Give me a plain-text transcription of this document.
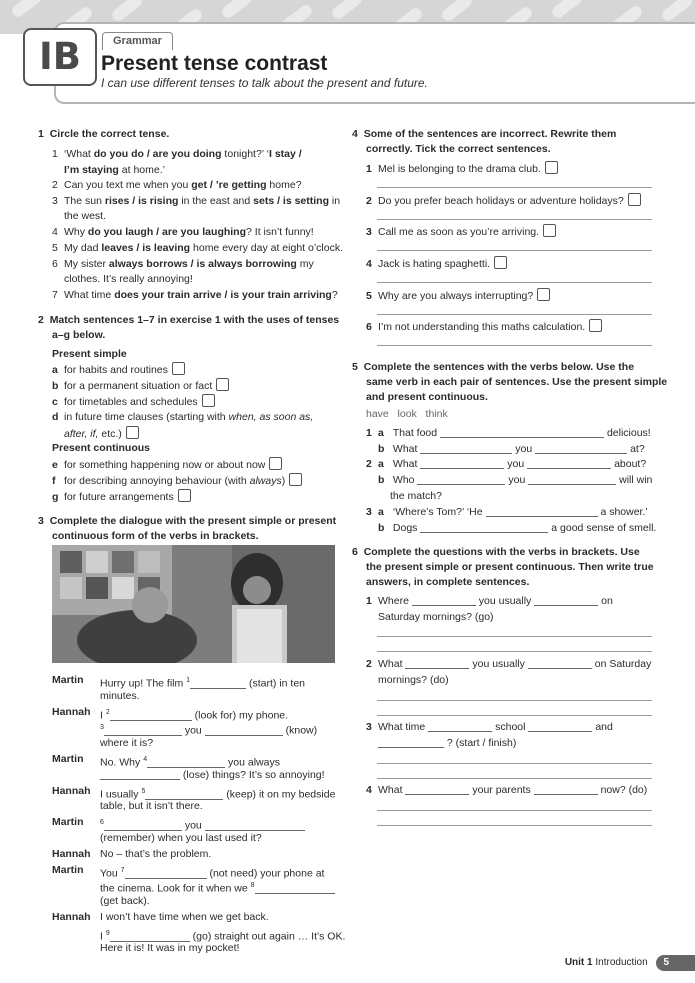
IB	Grammar
Present tense contrast
I can use different tenses to talk about the present and future.
1 Circle the correct tense.
1 ‘What do you do / are you doing tonight?’ ‘I stay /
I’m staying at home.’
2 Can you text me when you get / ’re getting home?
3 The sun rises / is rising in the east and sets / is setting in
the west.
4 Why do you laugh / are you laughing? It isn’t funny!
5 My dad leaves / is leaving home every day at eight o’clock.
6 My sister always borrows / is always borrowing my
clothes. It’s really annoying!
7 What time does your train arrive / is your train arriving?
2 Match sentences 1–7 in exercise 1 with the uses of tenses
a–g below.
Present simple
a for habits and routines
b for a permanent situation or fact
c for timetables and schedules
d in future time clauses (starting with when, as soon as,
after, if, etc.)
Present continuous
e for something happening now or about now
f for describing annoying behaviour (with always)
g for future arrangements
3 Complete the dialogue with the present simple or present
continuous form of the verbs in brackets.
Martin Hurry up! The film $^1$	(start) in ten
minutes.
Hannah I $^2$	(look for) my phone.
$^3$	you	(know)
where it is?
Martin No. Why $^4$	you always
(lose) things? It’s so annoying!
Hannah I usually $^5$	(keep) it on my bedside
table, but it isn’t there.
Martin $^6$	you
(remember) when you last used it?
Hannah No – that’s the problem.
Martin You $^7$	(not need) your phone at
the cinema. Look for it when we $^8$
(get back).
Hannah I won’t have time when we get back.
I $^9$	(go) straight out again … It’s OK.
Here it is! It was in my pocket!
4 Some of the sentences are incorrect. Rewrite them
correctly. Tick the correct sentences.
1 Mel is belonging to the drama club.
2 Do you prefer beach holidays or adventure holidays?
3 Call me as soon as you’re arriving.
4 Jack is hating spaghetti.
5 Why are you always interrupting?
6 I’m not understanding this maths calculation.
5 Complete the sentences with the verbs below. Use the
same verb in each pair of sentences. Use the present simple
and present continuous.
have   look   think
1 a That food	delicious!
b What	you	at?
2 a What	you	about?
b Who	you	will win
the match?
3 a ‘Where’s Tom?’ ‘He	a shower.’
b Dogs	a good sense of smell.
6 Complete the questions with the verbs in brackets. Use
the present simple or present continuous. Then write true
answers, in complete sentences.
1 Where	you usually	on
Saturday mornings? (go)
2 What	you usually	on Saturday
mornings? (do)
3 What time	school	and
? (start / finish)
4 What	your parents	now? (do)
Unit 1 Introduction 5
